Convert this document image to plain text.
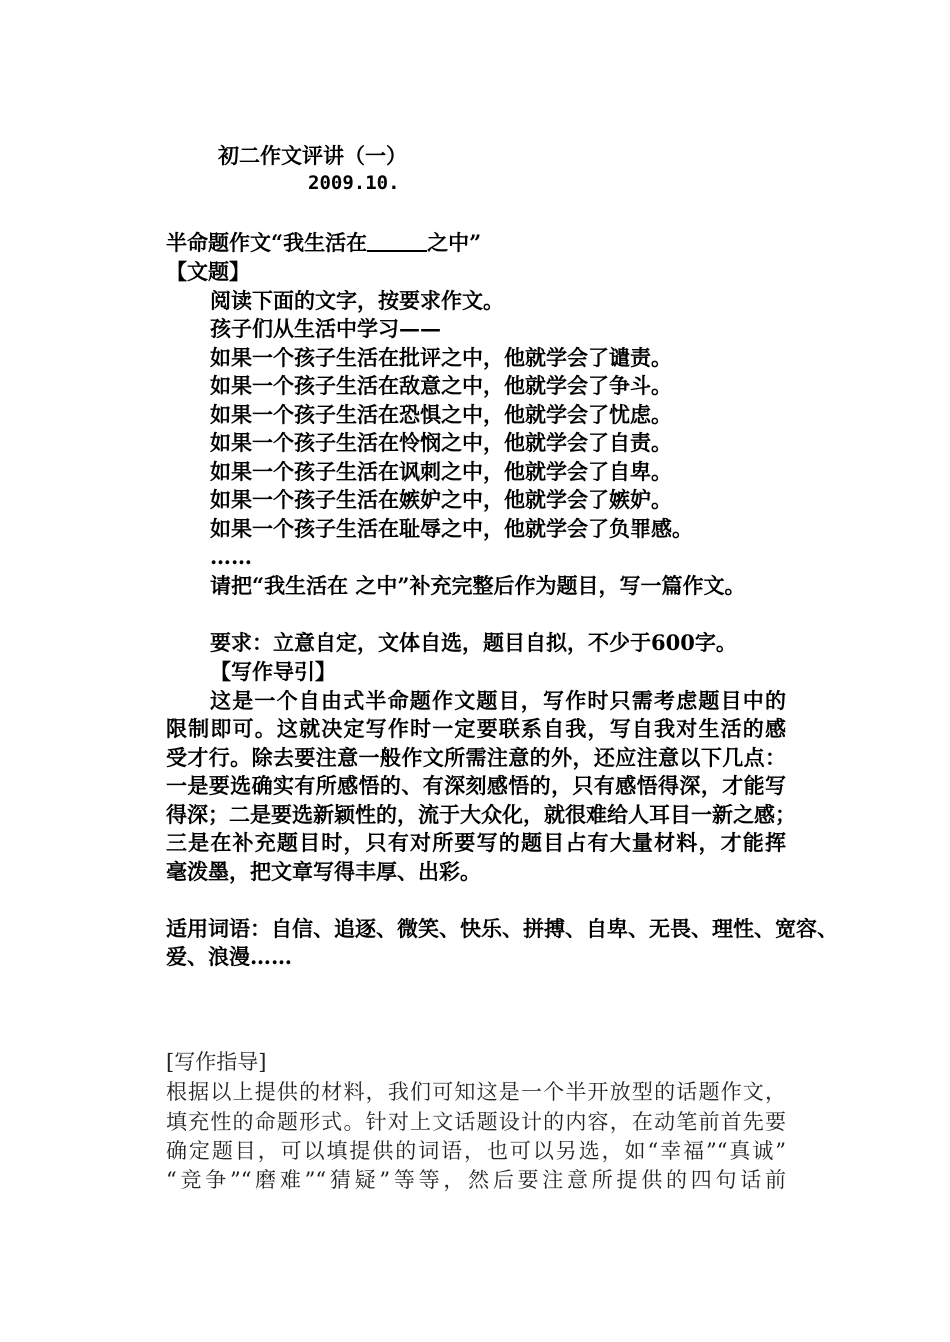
初二作文评讲（一）
2009.10.
半命题作文“我生活在	之中”
【文题】
阅读下面的文字，按要求作文。
孩子们从生活中学习——
如果一个孩子生活在批评之中，他就学会了谴责。
如果一个孩子生活在敌意之中，他就学会了争斗。
如果一个孩子生活在恐惧之中，他就学会了忧虑。
如果一个孩子生活在怜悯之中，他就学会了自责。
如果一个孩子生活在讽刺之中，他就学会了自卑。
如果一个孩子生活在嫉妒之中，他就学会了嫉妒。
如果一个孩子生活在耻辱之中，他就学会了负罪感。
……
请把“我生活在 之中”补充完整后作为题目，写一篇作文。
要求：立意自定，文体自选，题目自拟，不少于600字。
【写作导引】
这是一个自由式半命题作文题目，写作时只需考虑题目中的
限制即可。这就决定写作时一定要联系自我，写自我对生活的感
受才行。除去要注意一般作文所需注意的外，还应注意以下几点：
一是要选确实有所感悟的、有深刻感悟的，只有感悟得深，才能写
得深；二是要选新颖性的，流于大众化，就很难给人耳目一新之感；
三是在补充题目时，只有对所要写的题目占有大量材料，才能挥
毫泼墨，把文章写得丰厚、出彩。
适用词语：自信、追逐、微笑、快乐、拼搏、自卑、无畏、理性、宽容、
爱、浪漫……
[写作指导]
根据以上提供的材料，我们可知这是一个半开放型的话题作文，
填充性的命题形式。针对上文话题设计的内容，在动笔前首先要
确定题目，可以填提供的词语，也可以另选，如“幸福”“真诚”
“竞争”“磨难”“猜疑”等等，然后要注意所提供的四句话前
